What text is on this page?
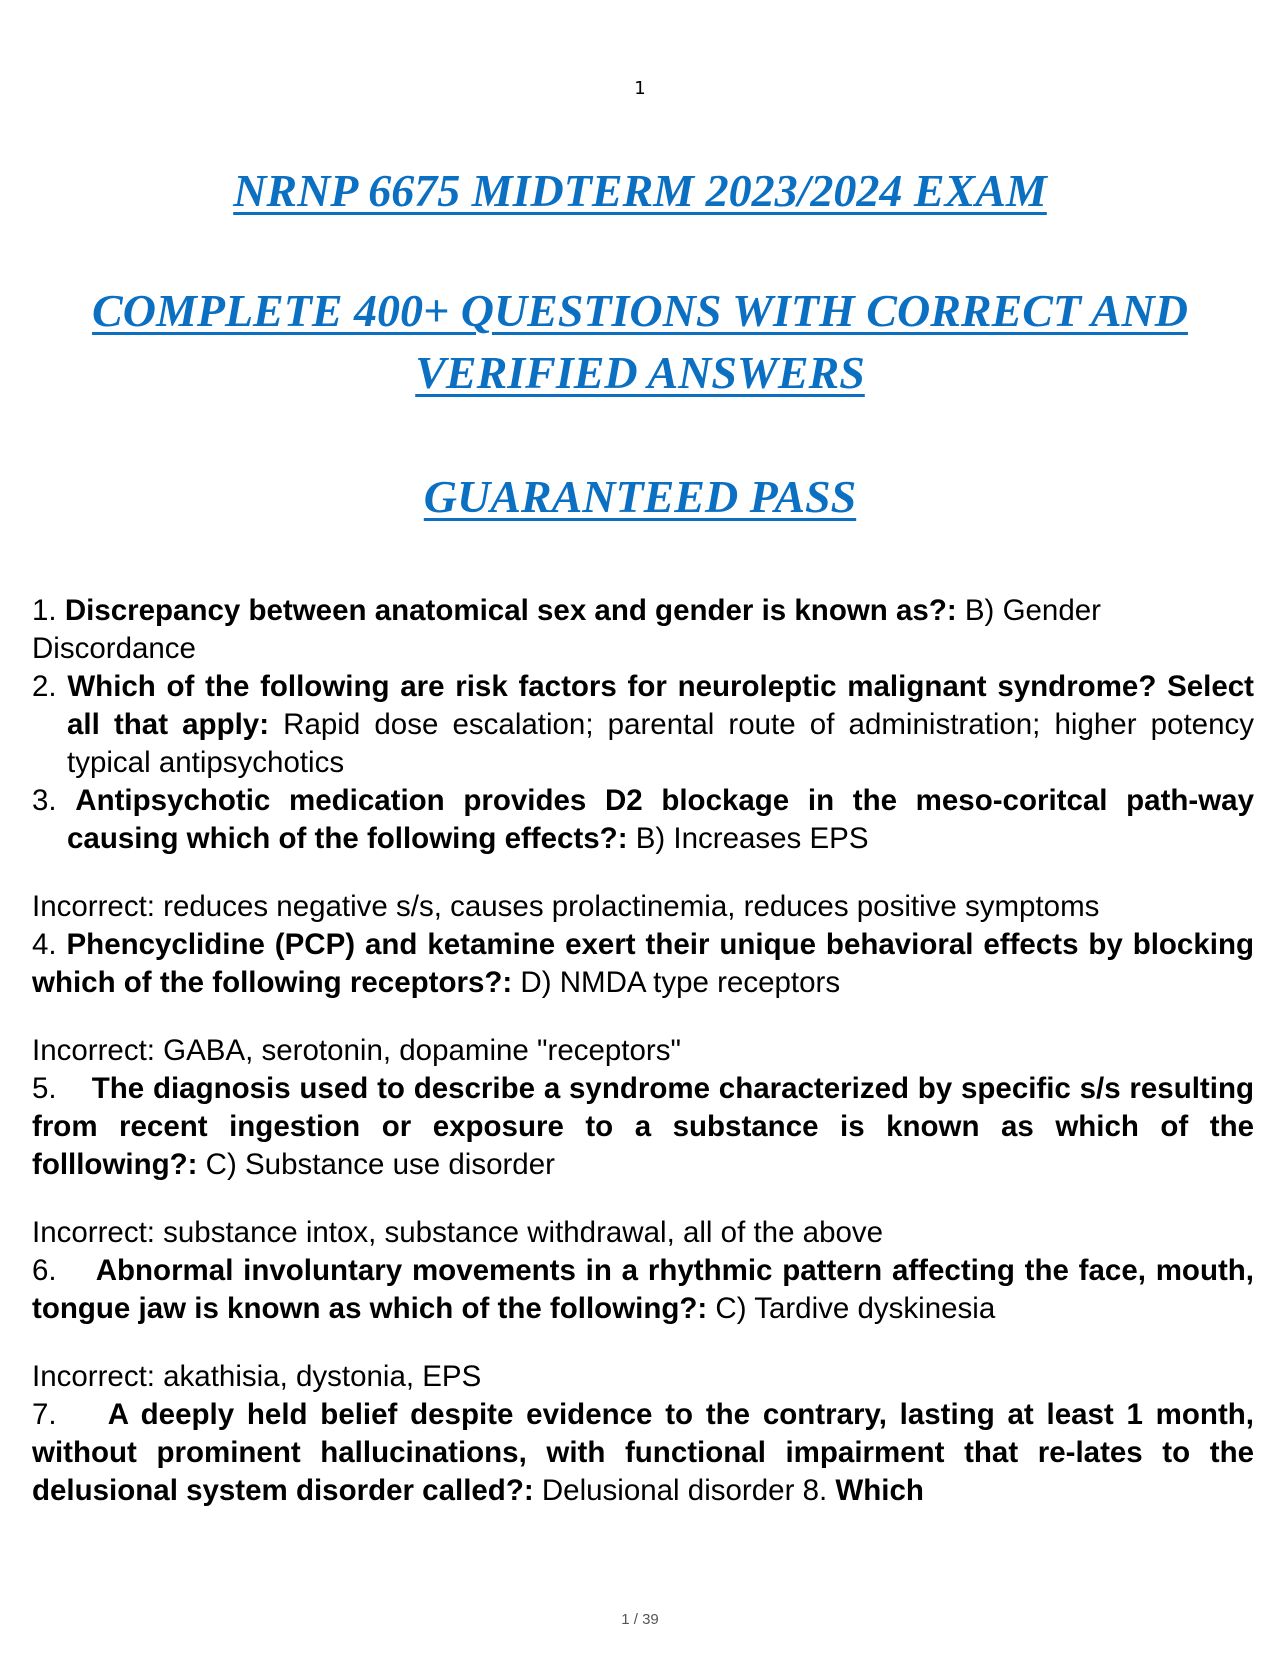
1
NRNP 6675 MIDTERM 2023/2024 EXAM
COMPLETE 400+ QUESTIONS WITH CORRECT AND
VERIFIED ANSWERS
GUARANTEED PASS

1. Discrepancy between anatomical sex and gender is known as?: B) Gender Discordance

2. Which of the following are risk factors for neuroleptic malignant syndrome? Select all that apply: Rapid dose escalation; parental route of administration; higher potency typical antipsychotics

3. Antipsychotic medication provides D2 blockage in the meso-coritcal path-way causing which of the following effects?: B) Increases EPS

Incorrect: reduces negative s/s, causes prolactinemia, reduces positive symptoms

4. Phencyclidine (PCP) and ketamine exert their unique behavioral effects by blocking which of the following receptors?: D) NMDA type receptors

Incorrect: GABA, serotonin, dopamine "receptors"

5.    The diagnosis used to describe a syndrome characterized by specific s/s resulting from recent ingestion or exposure to a substance is known as which of the folllowing?: C) Substance use disorder

Incorrect: substance intox, substance withdrawal, all of the above

6.    Abnormal involuntary movements in a rhythmic pattern affecting the face, mouth, tongue jaw is known as which of the following?: C) Tardive dyskinesia

Incorrect: akathisia, dystonia, EPS

7.    A deeply held belief despite evidence to the contrary, lasting at least 1 month, without prominent hallucinations, with functional impairment that re-lates to the delusional system disorder called?: Delusional disorder 8. Which

1 / 39
